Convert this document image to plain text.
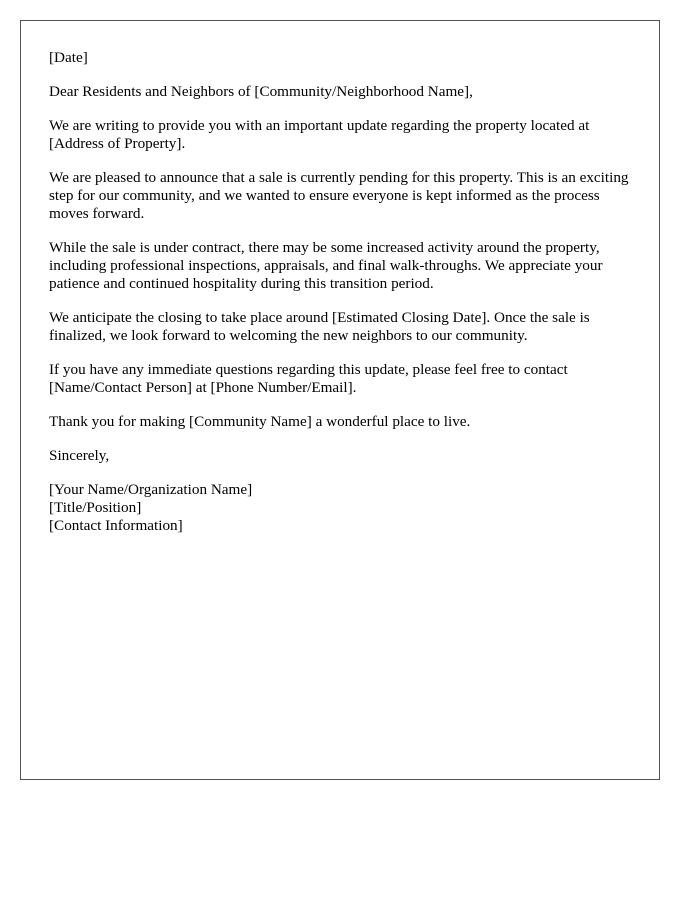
[Date]

Dear Residents and Neighbors of [Community/Neighborhood Name],

We are writing to provide you with an important update regarding the property located at [Address of Property].

We are pleased to announce that a sale is currently pending for this property. This is an exciting step for our community, and we wanted to ensure everyone is kept informed as the process moves forward.

While the sale is under contract, there may be some increased activity around the property, including professional inspections, appraisals, and final walk-throughs. We appreciate your patience and continued hospitality during this transition period.

We anticipate the closing to take place around [Estimated Closing Date]. Once the sale is finalized, we look forward to welcoming the new neighbors to our community.

If you have any immediate questions regarding this update, please feel free to contact [Name/Contact Person] at [Phone Number/Email].

Thank you for making [Community Name] a wonderful place to live.

Sincerely,

[Your Name/Organization Name]
[Title/Position]
[Contact Information]
